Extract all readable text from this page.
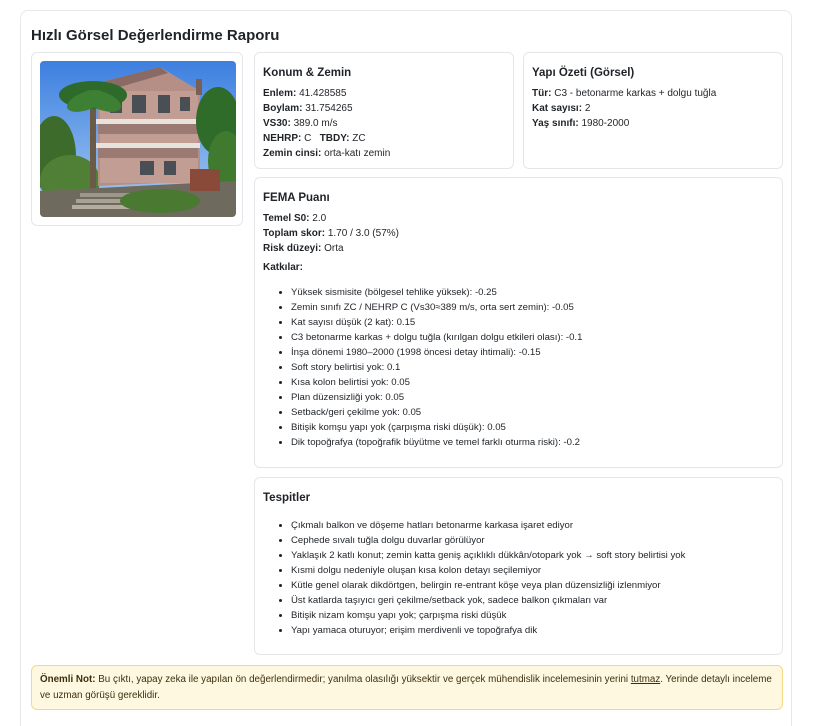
Hızlı Görsel Değerlendirme Raporu
Konum & Zemin
Enlem: 41.428585
Boylam: 31.754265
VS30: 389.0 m/s
NEHRP: C TBDY: ZC
Zemin cinsi: orta-katı zemin
Yapı Özeti (Görsel)
Tür: C3 - betonarme karkas + dolgu tuğla
Kat sayısı: 2
Yaş sınıfı: 1980-2000
FEMA Puanı
Temel S0: 2.0
Toplam skor: 1.70 / 3.0 (57%)
Risk düzeyi: Orta
Katkılar:
• Yüksek sismisite (bölgesel tehlike yüksek): -0.25
• Zemin sınıfı ZC / NEHRP C (Vs30≈389 m/s, orta sert zemin): -0.05
• Kat sayısı düşük (2 kat): 0.15
• C3 betonarme karkas + dolgu tuğla (kırılgan dolgu etkileri olası): -0.1
• İnşa dönemi 1980–2000 (1998 öncesi detay ihtimali): -0.15
• Soft story belirtisi yok: 0.1
• Kısa kolon belirtisi yok: 0.05
• Plan düzensizliği yok: 0.05
• Setback/geri çekilme yok: 0.05
• Bitişik komşu yapı yok (çarpışma riski düşük): 0.05
• Dik topoğrafya (topoğrafik büyütme ve temel farklı oturma riski): -0.2
Tespitler
• Çıkmalı balkon ve döşeme hatları betonarme karkasa işaret ediyor
• Cephede sıvalı tuğla dolgu duvarlar görülüyor
• Yaklaşık 2 katlı konut; zemin katta geniş açıklıklı dükkân/otopark yok → soft story belirtisi yok
• Kısmi dolgu nedeniyle oluşan kısa kolon detayı seçilemiyor
• Kütle genel olarak dikdörtgen, belirgin re-entrant köşe veya plan düzensizliği izlenmiyor
• Üst katlarda taşıyıcı geri çekilme/setback yok, sadece balkon çıkmaları var
• Bitişik nizam komşu yapı yok; çarpışma riski düşük
• Yapı yamaca oturuyor; erişim merdivenli ve topoğrafya dik
Önemli Not: Bu çıktı, yapay zeka ile yapılan ön değerlendirmedir; yanılma olasılığı yüksektir ve gerçek mühendislik incelemesinin yerini tutmaz. Yerinde detaylı inceleme ve uzman görüşü gereklidir.
